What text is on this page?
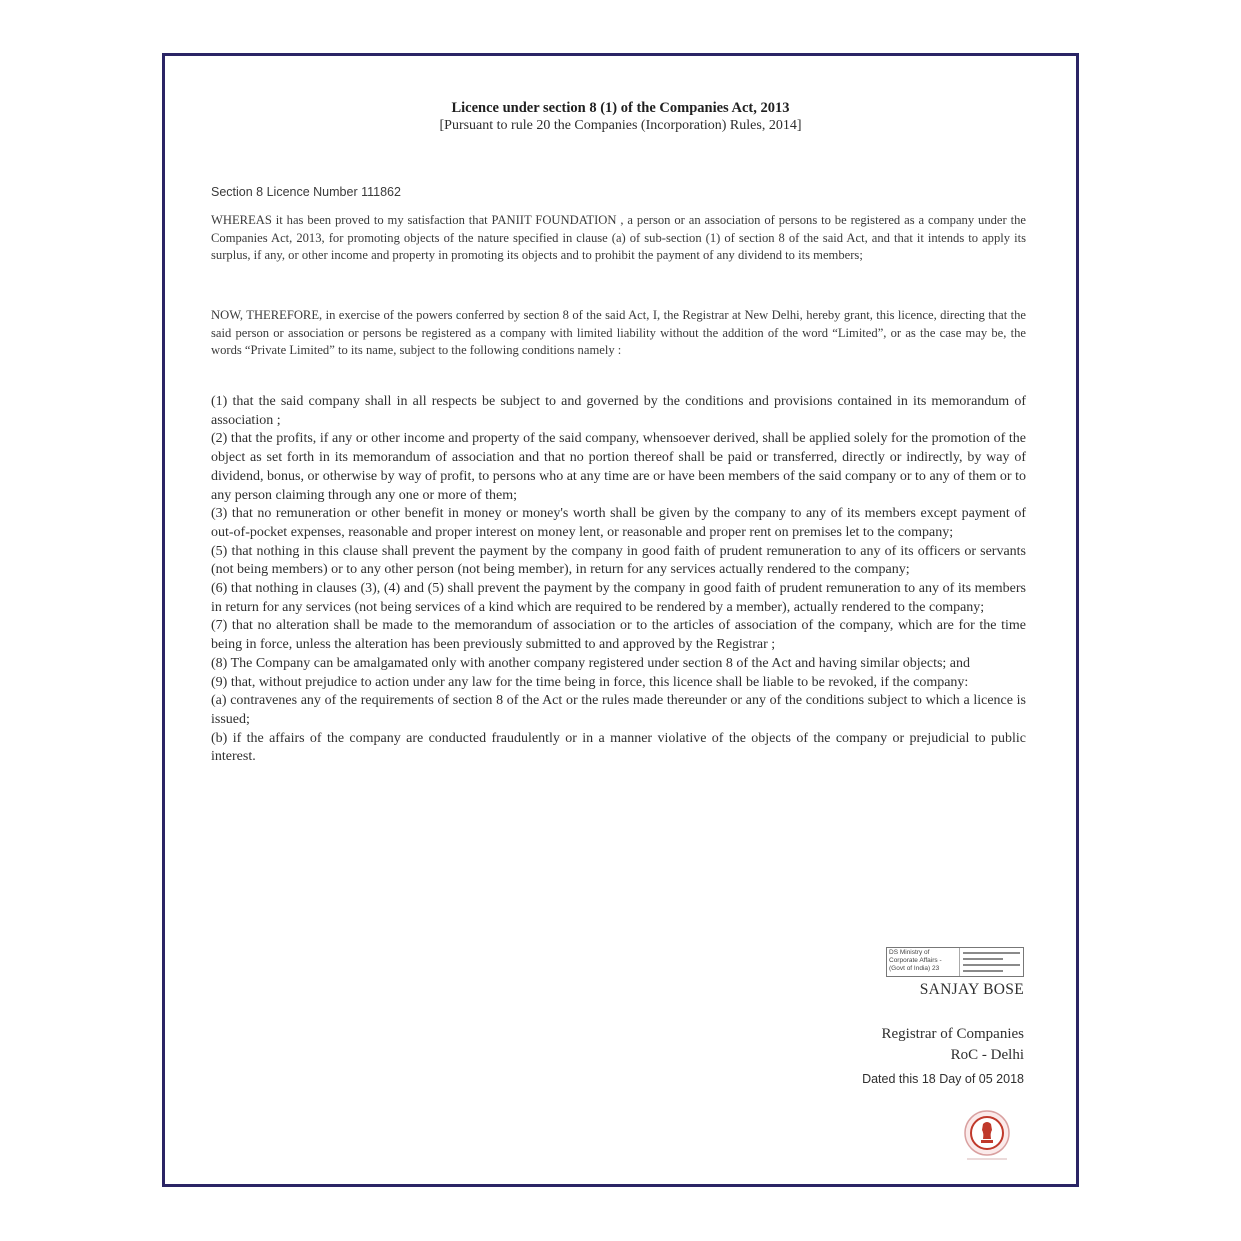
Licence under section 8 (1) of the Companies Act, 2013
[Pursuant to rule 20 the Companies (Incorporation) Rules, 2014]
Section 8 Licence Number 111862
WHEREAS it has been proved to my satisfaction that PANIIT FOUNDATION , a person or an association of persons to be registered as a company under the Companies Act, 2013, for promoting objects of the nature specified in clause (a) of sub-section (1) of section 8 of the said Act, and that it intends to apply its surplus, if any, or other income and property in promoting its objects and to prohibit the payment of any dividend to its members;
NOW, THEREFORE, in exercise of the powers conferred by section 8 of the said Act, I, the Registrar at New Delhi, hereby grant, this licence, directing that the said person or association or persons be registered as a company with limited liability without the addition of the word “Limited”, or as the case may be, the words “Private Limited” to its name, subject to the following conditions namely :
(1) that the said company shall in all respects be subject to and governed by the conditions and provisions contained in its memorandum of association ;
(2) that the profits, if any or other income and property of the said company, whensoever derived, shall be applied solely for the promotion of the object as set forth in its memorandum of association and that no portion thereof shall be paid or transferred, directly or indirectly, by way of dividend, bonus, or otherwise by way of profit, to persons who at any time are or have been members of the said company or to any of them or to any person claiming through any one or more of them;
(3) that no remuneration or other benefit in money or money's worth shall be given by the company to any of its members except payment of out-of-pocket expenses, reasonable and proper interest on money lent, or reasonable and proper rent on premises let to the company;
(5) that nothing in this clause shall prevent the payment by the company in good faith of prudent remuneration to any of its officers or servants (not being members) or to any other person (not being member), in return for any services actually rendered to the company;
(6) that nothing in clauses (3), (4) and (5) shall prevent the payment by the company in good faith of prudent remuneration to any of its members in return for any services (not being services of a kind which are required to be rendered by a member), actually rendered to the company;
(7) that no alteration shall be made to the memorandum of association or to the articles of association of the company, which are for the time being in force, unless the alteration has been previously submitted to and approved by the Registrar ;
(8) The Company can be amalgamated only with another company registered under section 8 of the Act and having similar objects; and
(9) that, without prejudice to action under any law for the time being in force, this licence shall be liable to be revoked, if the company:
(a) contravenes any of the requirements of section 8 of the Act or the rules made thereunder or any of the conditions subject to which a licence is issued;
(b) if the affairs of the company are conducted fraudulently or in a manner violative of the objects of the company or prejudicial to public interest.
DS Ministry of
Corporate Affairs -
(Govt of India) 23
SANJAY BOSE
Registrar of Companies
RoC - Delhi
Dated this 18 Day of 05 2018
